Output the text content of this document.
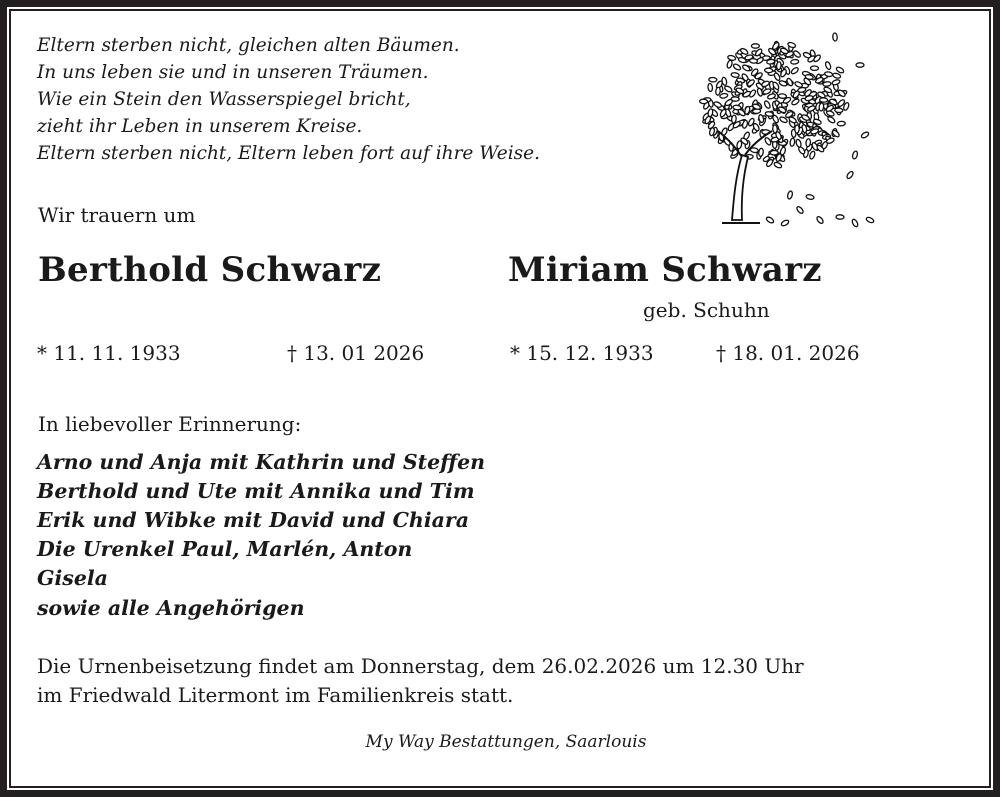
Eltern sterben nicht, gleichen alten Bäumen.
In uns leben sie und in unseren Träumen.
Wie ein Stein den Wasserspiegel bricht,
zieht ihr Leben in unserem Kreise.
Eltern sterben nicht, Eltern leben fort auf ihre Weise.
Wir trauern um
Berthold Schwarz	Miriam Schwarz
geb. Schuhn
* 11. 11. 1933	† 13. 01 2026	* 15. 12. 1933	† 18. 01. 2026
In liebevoller Erinnerung:
Arno und Anja mit Kathrin und Steffen
Berthold und Ute mit Annika und Tim
Erik und Wibke mit David und Chiara
Die Urenkel Paul, Marlén, Anton
Gisela
sowie alle Angehörigen
Die Urnenbeisetzung findet am Donnerstag, dem 26.02.2026 um 12.30 Uhr
im Friedwald Litermont im Familienkreis statt.
My Way Bestattungen, Saarlouis
